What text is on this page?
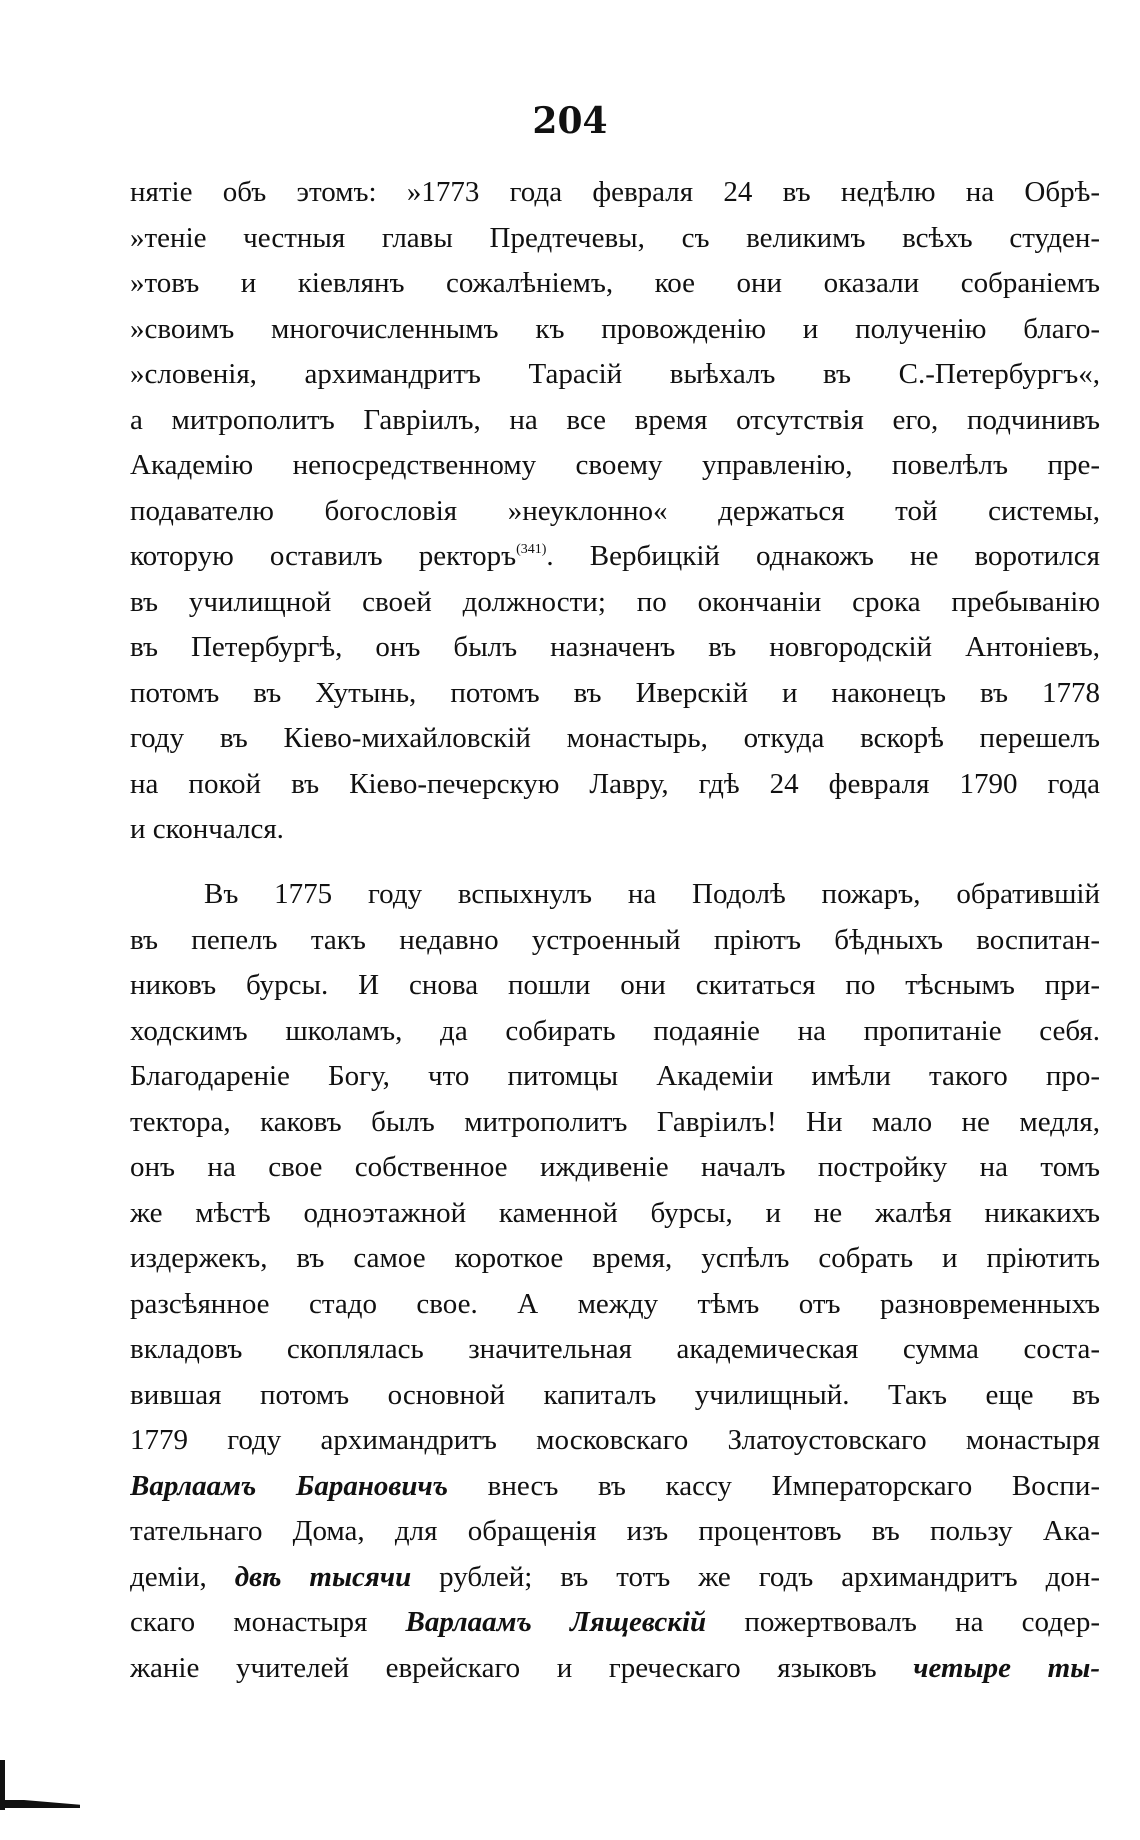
204
нятіе объ этомъ: »1773 года февраля 24 въ недѣлю на Обрѣ-
»теніе честныя главы Предтечевы, съ великимъ всѣхъ студен-
»товъ и кіевлянъ сожалѣніемъ, кое они оказали собраніемъ
»своимъ многочисленнымъ къ провожденію и полученію благо-
»словенія, архимандритъ Тарасій выѣхалъ въ С.-Петербургъ«,
а митрополитъ Гавріилъ, на все время отсутствія его, подчинивъ
Академію непосредственному своему управленію, повелѣлъ пре-
подавателю богословія »неуклонно« держаться той системы,
которую оставилъ ректоръ$^{(341)}$. Вербицкій однакожъ не воротился
въ училищной своей должности; по окончаніи срока пребыванію
въ Петербургѣ, онъ былъ назначенъ въ новгородскій Антоніевъ,
потомъ въ Хутынь, потомъ въ Иверскій и наконецъ въ 1778
году въ Кіево-михайловскій монастырь, откуда вскорѣ перешелъ
на покой въ Кіево-печерскую Лавру, гдѣ 24 февраля 1790 года
и скончался.
Въ 1775 году вспыхнулъ на Подолѣ пожаръ, обратившій
въ пепелъ такъ недавно устроенный пріютъ бѣдныхъ воспитан-
никовъ бурсы. И снова пошли они скитаться по тѣснымъ при-
ходскимъ школамъ, да собирать подаяніе на пропитаніе себя.
Благодареніе Богу, что питомцы Академіи имѣли такого про-
тектора, каковъ былъ митрополитъ Гавріилъ! Ни мало не медля,
онъ на свое собственное иждивеніе началъ постройку на томъ
же мѣстѣ одноэтажной каменной бурсы, и не жалѣя никакихъ
издержекъ, въ самое короткое время, успѣлъ собрать и пріютить
разсѣянное стадо свое. А между тѣмъ отъ разновременныхъ
вкладовъ скоплялась значительная академическая сумма соста-
вившая потомъ основной капиталъ училищный. Такъ еще въ
1779 году архимандритъ московскаго Златоустовскаго монастыря
Варлаамъ Барановичъ внесъ въ кассу Императорскаго Воспи-
тательнаго Дома, для обращенія изъ процентовъ въ пользу Ака-
деміи, двѣ тысячи рублей; въ тотъ же годъ архимандритъ дон-
скаго монастыря Варлаамъ Лящевскій пожертвовалъ на содер-
жаніе учителей еврейскаго и греческаго языковъ четыре ты-
